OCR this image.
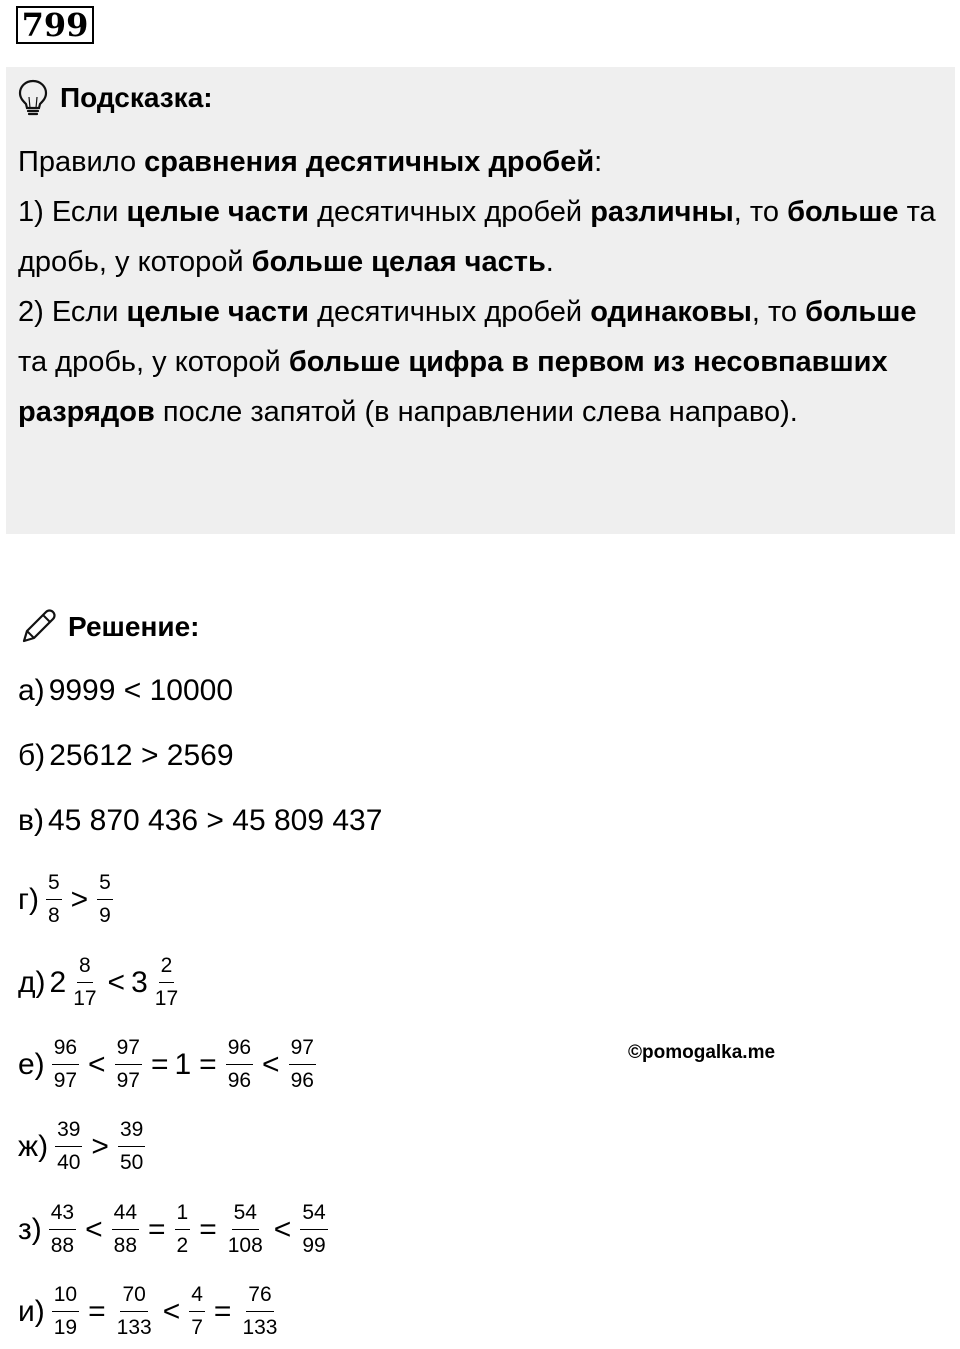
799
Подсказка:

Правило сравнения десятичных дробей:

1) Если целые части десятичных дробей различны, то больше та дробь, у которой больше целая часть.

2) Если целые части десятичных дробей одинаковы, то больше та дробь, у которой больше цифра в первом из несовпавших разрядов после запятой (в направлении слева направо).

Решение:
а) 9999 < 10000
б) 25612 > 2569
в) 45 870 436 > 45 809 437
$г) \frac{5}{8} > \frac{5}{9}$
д) $2 \frac{8}{17} < 3 \frac{2}{17}$
$е) \frac{96}{97} < \frac{97}{97} = 1 = \frac{96}{96} < \frac{97}{96}$	©pomogalka.me
$ж) \frac{39}{40} > \frac{39}{50}$
$з) \frac{43}{88} < \frac{44}{88} = \frac{1}{2} = \frac{54}{108} < \frac{54}{99}$
$и) \frac{10}{19} = \frac{70}{133} < \frac{4}{7} = \frac{76}{133}$
